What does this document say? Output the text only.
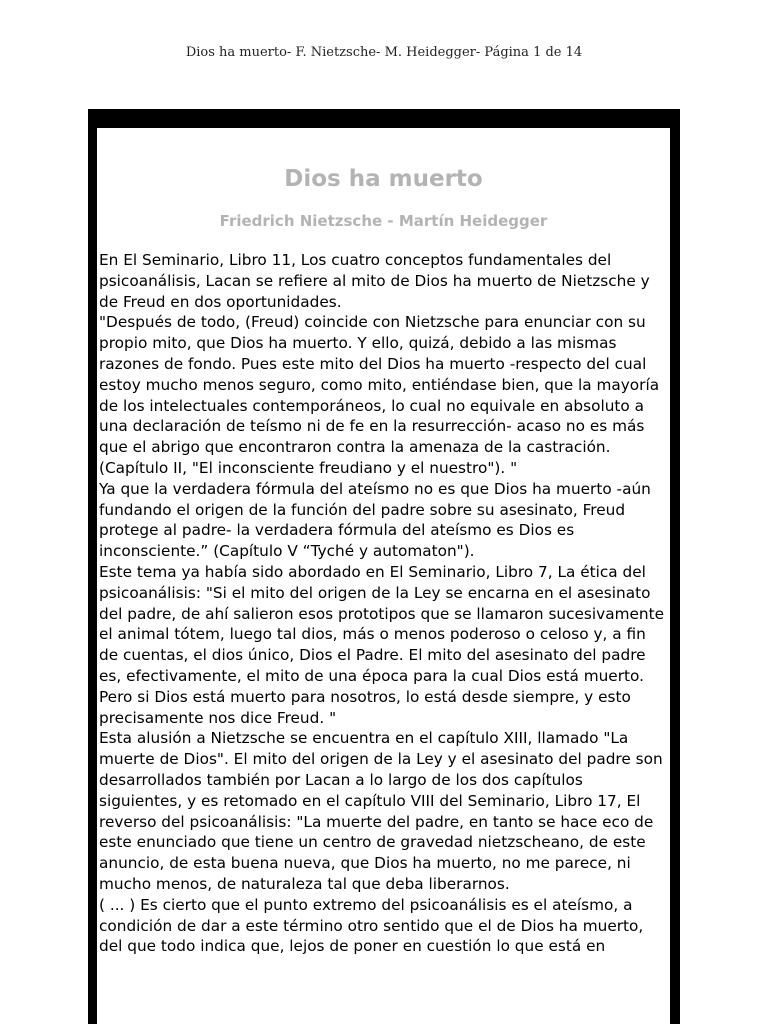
Dios ha muerto- F. Nietzsche- M. Heidegger- Página 1 de 14
Dios ha muerto
Friedrich Nietzsche - Martín Heidegger

En El Seminario, Libro 11, Los cuatro conceptos fundamentales del psicoanálisis, Lacan se refiere al mito de Dios ha muerto de Nietzsche y de Freud en dos oportunidades.

"Después de todo, (Freud) coincide con Nietzsche para enunciar con su propio mito, que Dios ha muerto. Y ello, quizá, debido a las mismas razones de fondo. Pues este mito del Dios ha muerto -respecto del cual estoy mucho menos seguro, como mito, entiéndase bien, que la mayoría de los intelectuales contemporáneos, lo cual no equivale en absoluto a una declaración de teísmo ni de fe en la resurrección- acaso no es más que el abrigo que encontraron contra la amenaza de la castración. (Capítulo II, "El inconsciente freudiano y el nuestro"). "

Ya que la verdadera fórmula del ateísmo no es que Dios ha muerto -aún fundando el origen de la función del padre sobre su asesinato, Freud protege al padre- la verdadera fórmula del ateísmo es Dios es inconsciente.” (Capítulo V “Tyché y automaton").

Este tema ya había sido abordado en El Seminario, Libro 7, La ética del psicoanálisis: "Si el mito del origen de la Ley se encarna en el asesinato del padre, de ahí salieron esos prototipos que se llamaron sucesivamente el animal tótem, luego tal dios, más o menos poderoso o celoso y, a fin de cuentas, el dios único, Dios el Padre. El mito del asesinato del padre es, efectivamente, el mito de una época para la cual Dios está muerto.

Pero si Dios está muerto para nosotros, lo está desde siempre, y esto precisamente nos dice Freud. "

Esta alusión a Nietzsche se encuentra en el capítulo XIII, llamado "La muerte de Dios". El mito del origen de la Ley y el asesinato del padre son desarrollados también por Lacan a lo largo de los dos capítulos siguientes, y es retomado en el capítulo VIII del Seminario, Libro 17, El reverso del psicoanálisis: "La muerte del padre, en tanto se hace eco de este enunciado que tiene un centro de gravedad nietzscheano, de este anuncio, de esta buena nueva, que Dios ha muerto, no me parece, ni mucho menos, de naturaleza tal que deba liberarnos.

( ... ) Es cierto que el punto extremo del psicoanálisis es el ateísmo, a condición de dar a este término otro sentido que el de Dios ha muerto, del que todo indica que, lejos de poner en cuestión lo que está en
